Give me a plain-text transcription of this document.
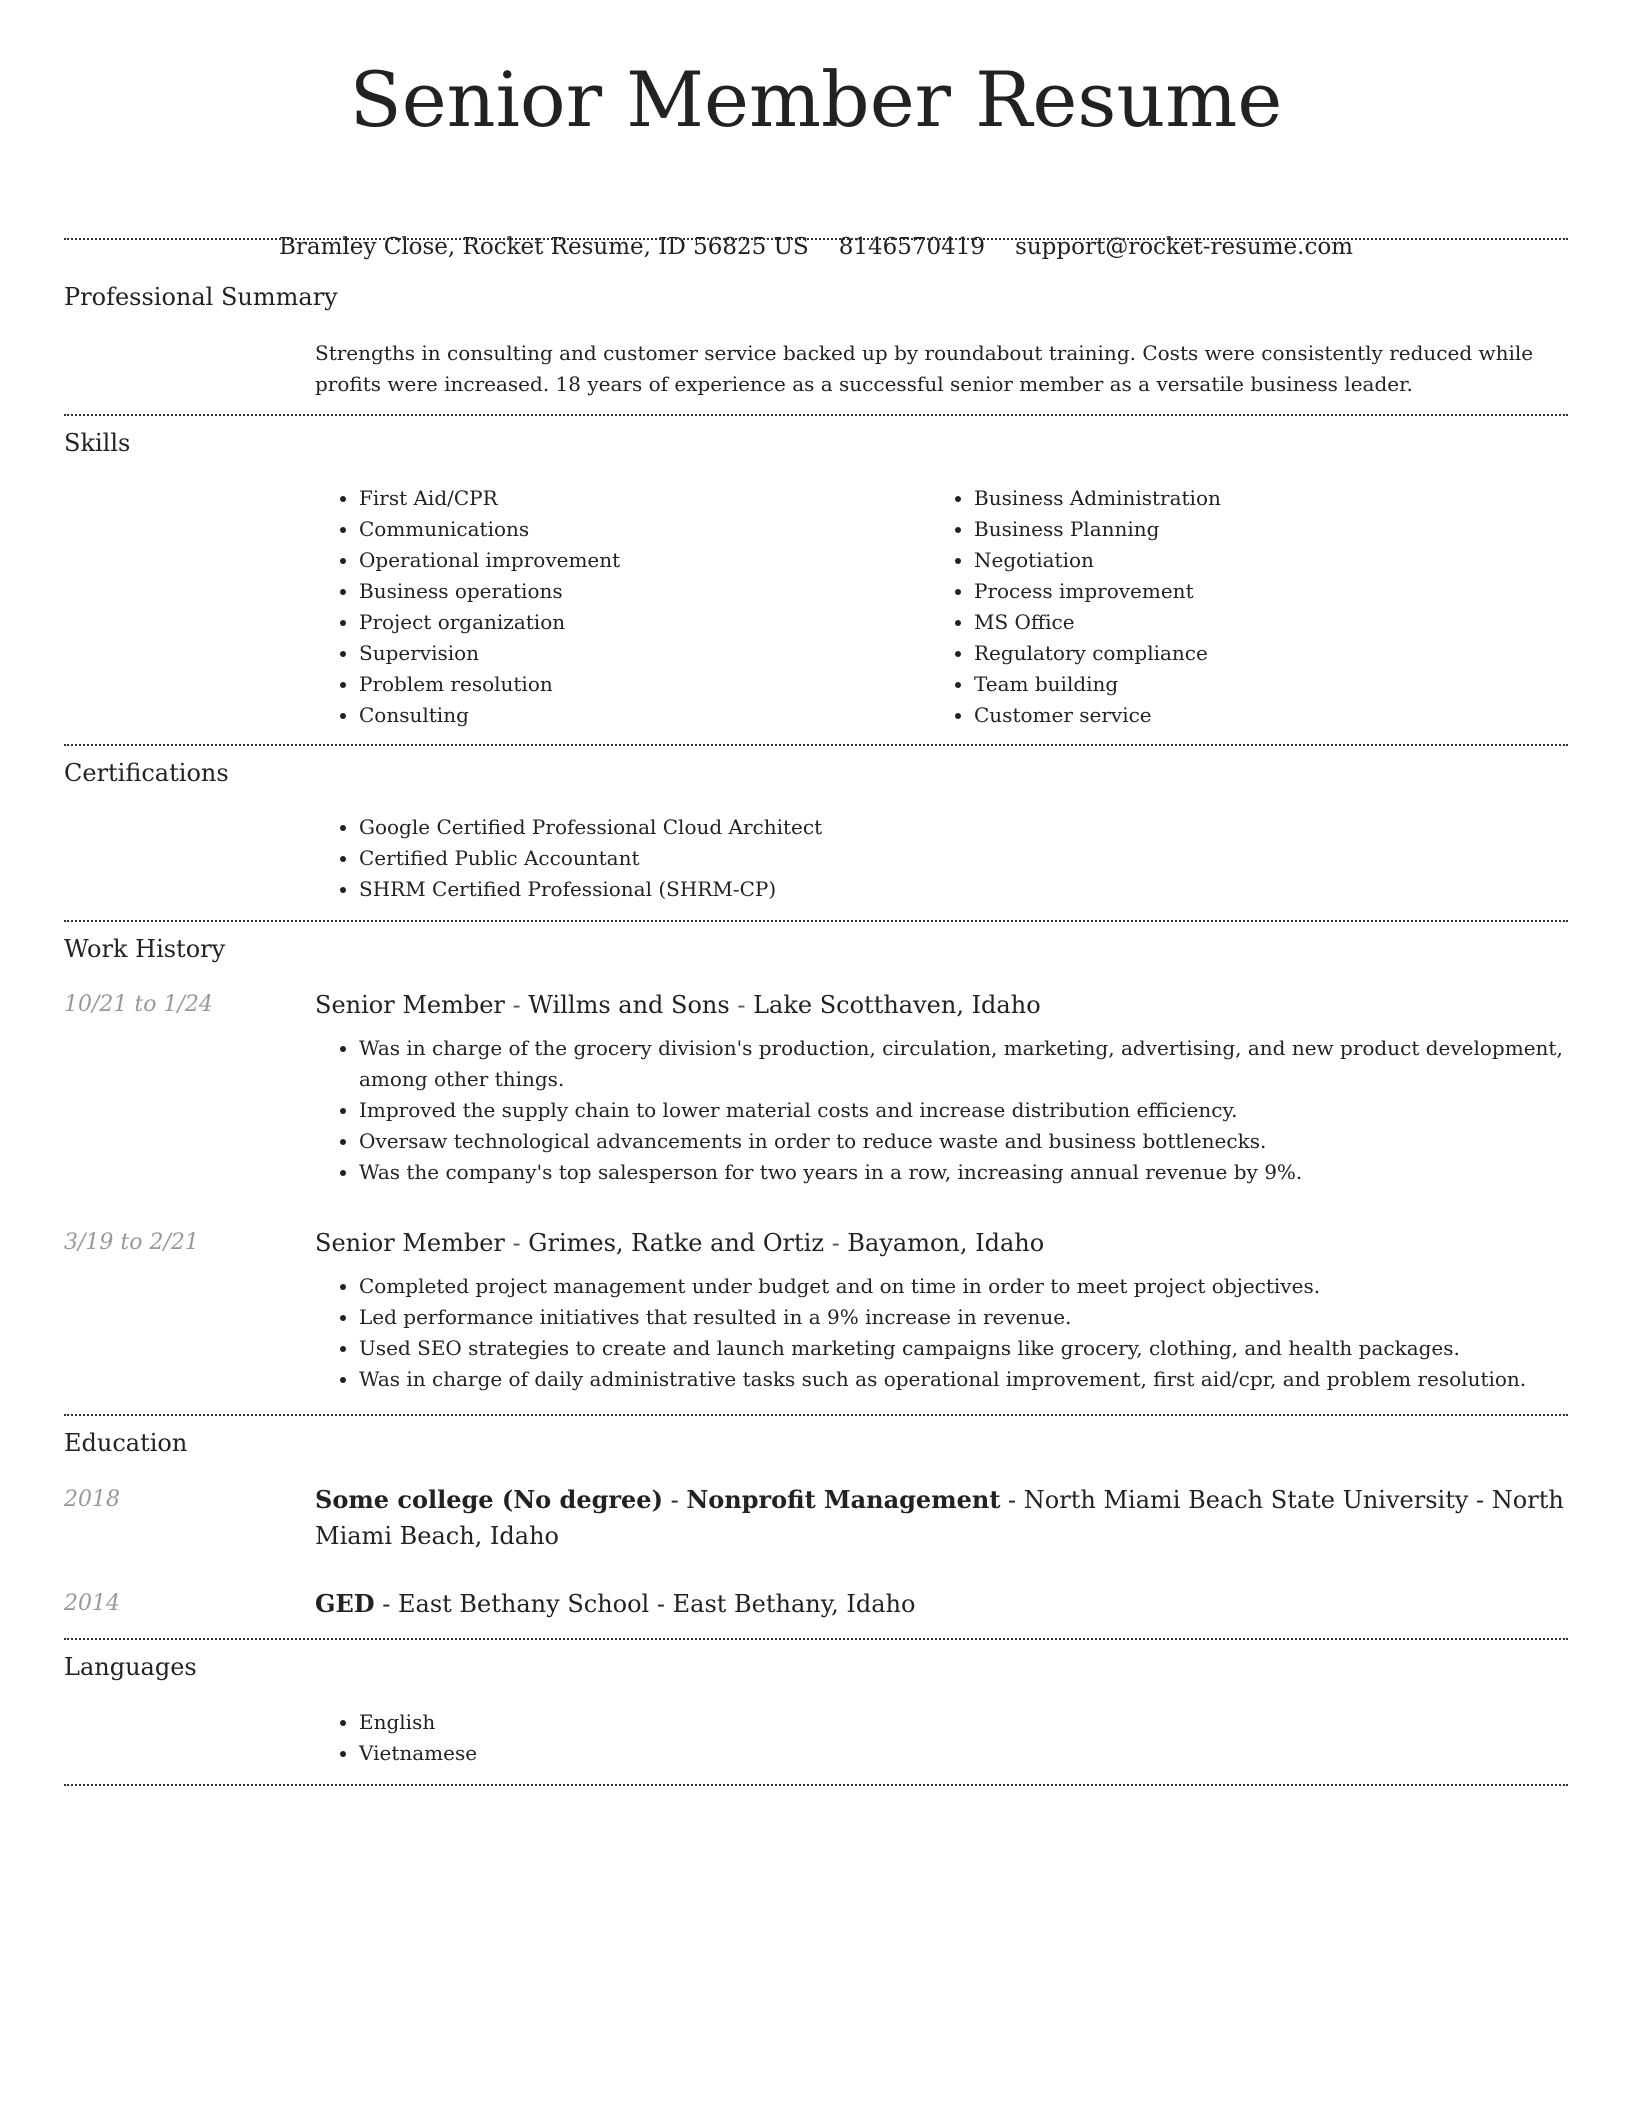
Senior Member Resume
Bramley Close, Rocket Resume, ID 56825 US 8146570419 support@rocket-resume.com
Professional Summary

Strengths in consulting and customer service backed up by roundabout training. Costs were consistently reduced while profits were increased. 18 years of experience as a successful senior member as a versatile business leader.

Skills
• First Aid/CPR
• Communications
• Operational improvement
• Business operations
• Project organization
• Supervision
• Problem resolution
• Consulting
• Business Administration
• Business Planning
• Negotiation
• Process improvement
• MS Office
• Regulatory compliance
• Team building
• Customer service
Certifications
• Google Certified Professional Cloud Architect
• Certified Public Accountant
• SHRM Certified Professional (SHRM-CP)
Work History
10/21 to 1/24	Senior Member - Willms and Sons - Lake Scotthaven, Idaho
• Was in charge of the grocery division's production, circulation, marketing, advertising, and new product development, among other things.
• Improved the supply chain to lower material costs and increase distribution efficiency.
• Oversaw technological advancements in order to reduce waste and business bottlenecks.
• Was the company's top salesperson for two years in a row, increasing annual revenue by 9%.
3/19 to 2/21	Senior Member - Grimes, Ratke and Ortiz - Bayamon, Idaho
• Completed project management under budget and on time in order to meet project objectives.
• Led performance initiatives that resulted in a 9% increase in revenue.
• Used SEO strategies to create and launch marketing campaigns like grocery, clothing, and health packages.
• Was in charge of daily administrative tasks such as operational improvement, first aid/cpr, and problem resolution.
Education
2018	Some college (No degree) - Nonprofit Management - North Miami Beach State University - North Miami Beach, Idaho
2014	GED - East Bethany School - East Bethany, Idaho
Languages
• English
• Vietnamese
